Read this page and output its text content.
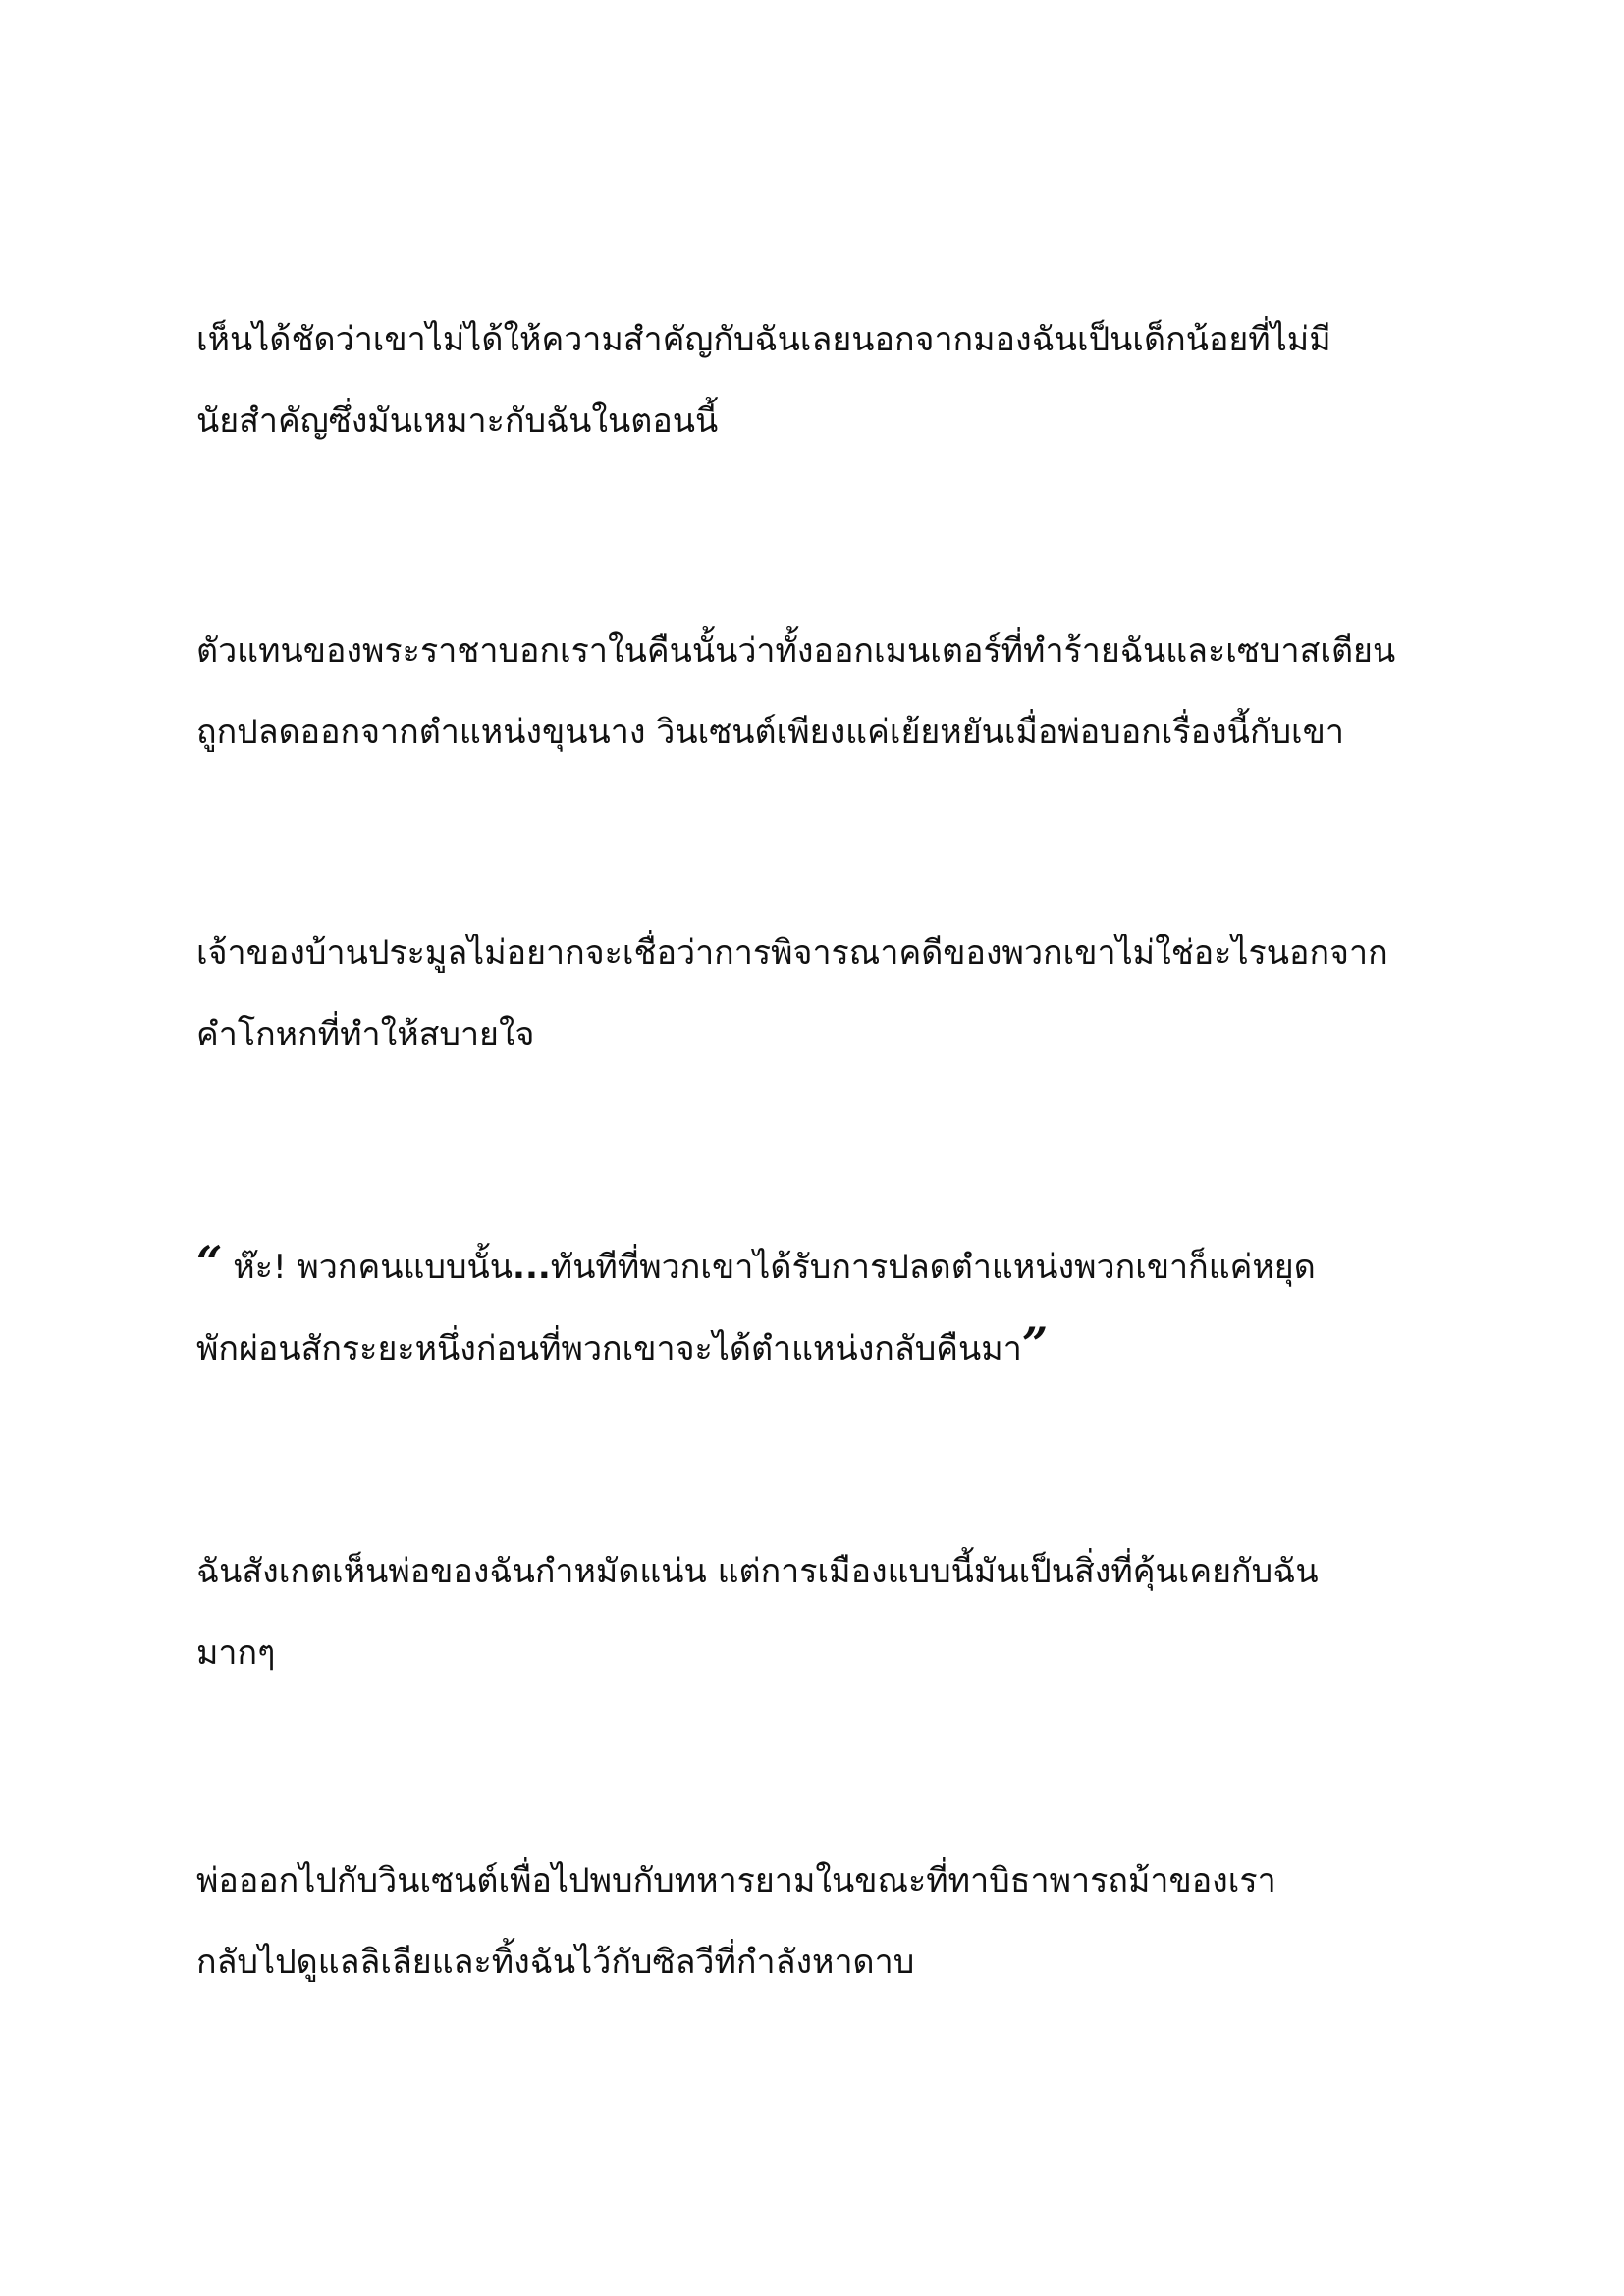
เห็นได้ชัดว่าเขาไม่ได้ให้ความสำคัญกับฉันเลยนอกจากมองฉันเป็นเด็กน้อยที่ไม่มี
นัยสำคัญซึ่งมันเหมาะกับฉันในตอนนี้

ตัวแทนของพระราชาบอกเราในคืนนั้นว่าทั้งออกเมนเตอร์ที่ทำร้ายฉันและเซบาสเตียน
ถูกปลดออกจากตำแหน่งขุนนาง วินเซนต์เพียงแค่เย้ยหยันเมื่อพ่อบอกเรื่องนี้กับเขา

เจ้าของบ้านประมูลไม่อยากจะเชื่อว่าการพิจารณาคดีของพวกเขาไม่ใช่อะไรนอกจาก
คำโกหกที่ทำให้สบายใจ

“ ห๊ะ! พวกคนแบบนั้น...ทันทีที่พวกเขาได้รับการปลดตำแหน่งพวกเขาก็แค่หยุด
พักผ่อนสักระยะหนึ่งก่อนที่พวกเขาจะได้ตำแหน่งกลับคืนมา”

ฉันสังเกตเห็นพ่อของฉันกำหมัดแน่น แต่การเมืองแบบนี้มันเป็นสิ่งที่คุ้นเคยกับฉัน
มากๆ

พ่อออกไปกับวินเซนต์เพื่อไปพบกับทหารยามในขณะที่ทาบิธาพารถม้าของเรา
กลับไปดูแลลิเลียและทิ้งฉันไว้กับซิลวีที่กำลังหาดาบ
